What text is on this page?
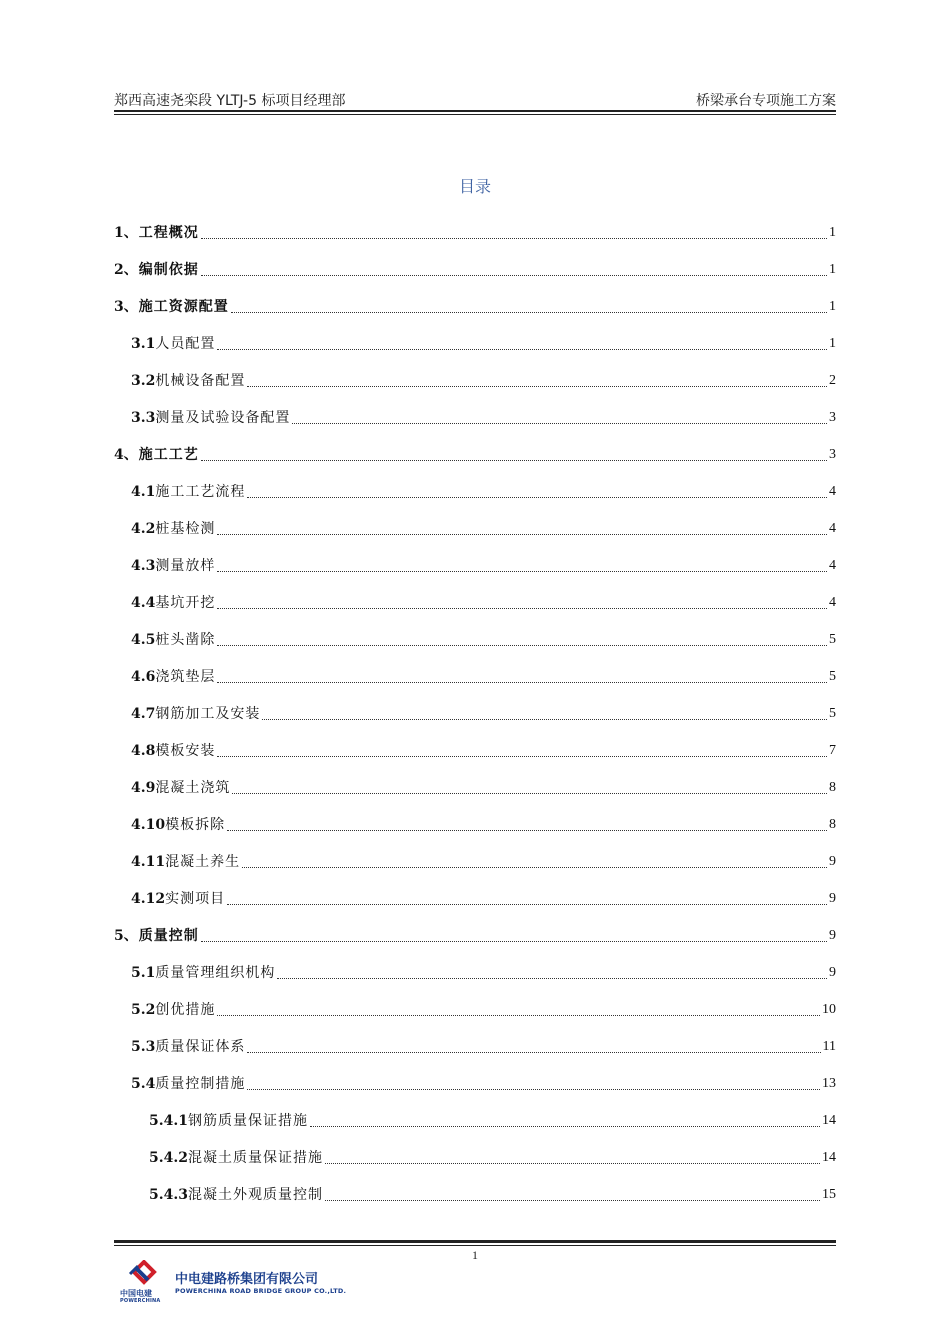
郑西高速尧栾段 YLTJ-5 标项目经理部	桥梁承台专项施工方案
目录
1 、 工程概况	1
2 、 编制依据	1
3 、 施工资源配置	1
3.1 人员配置	1
3.2 机械设备配置	2
3.3 测量及试验设备配置	3
4 、 施工工艺	3
4.1 施工工艺流程	4
4.2 桩基检测	4
4.3 测量放样	4
4.4 基坑开挖	4
4.5 桩头凿除	5
4.6 浇筑垫层	5
4.7 钢筋加工及安装	5
4.8 模板安装	7
4.9 混凝土浇筑	8
4.10 模板拆除	8
4.11 混凝土养生	9
4.12 实测项目	9
5 、 质量控制	9
5.1 质量管理组织机构	9
5.2 创优措施	10
5.3 质量保证体系	11
5.4 质量控制措施	13
5.4.1 钢筋质量保证措施	14
5.4.2 混凝土质量保证措施	14
5.4.3 混凝土外观质量控制	15
1
中国电建
POWERCHINA
中电建路桥集团有限公司
POWERCHINA ROAD BRIDGE GROUP CO.,LTD.
